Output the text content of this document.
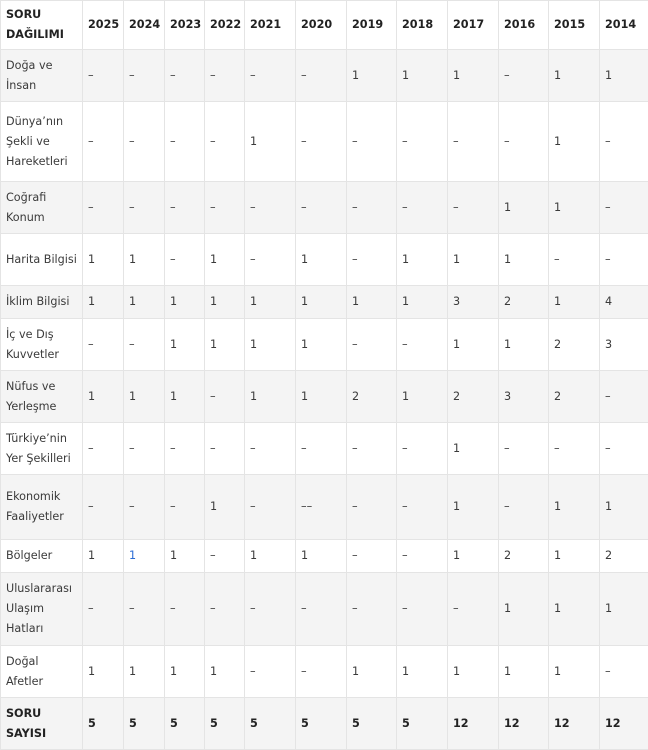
SORU DAĞILIMI	2025	2024	2023	2022	2021	2020	2019	2018	2017	2016	2015	2014
Doğa ve İnsan	–	–	–	–	–	–	1	1	1	–	1	1
Dünya’nın Şekli ve Hareketleri	–	–	–	–	1	–	–	–	–	–	1	–
Coğrafi Konum	–	–	–	–	–	–	–	–	–	1	1	–
Harita Bilgisi	1	1	–	1	–	1	–	1	1	1	–	–
İklim Bilgisi	1	1	1	1	1	1	1	1	3	2	1	4
İç ve Dış Kuvvetler	–	–	1	1	1	1	–	–	1	1	2	3
Nüfus ve Yerleşme	1	1	1	–	1	1	2	1	2	3	2	–
Türkiye’nin Yer Şekilleri	–	–	–	–	–	–	–	–	1	–	–	–
Ekonomik Faaliyetler	–	–	–	1	–	––	–	–	1	–	1	1
Bölgeler	1	1	1	–	1	1	–	–	1	2	1	2
Uluslararası Ulaşım Hatları	–	–	–	–	–	–	–	–	–	1	1	1
Doğal Afetler	1	1	1	1	–	–	1	1	1	1	1	–
SORU SAYISI	5	5	5	5	5	5	5	5	12	12	12	12
